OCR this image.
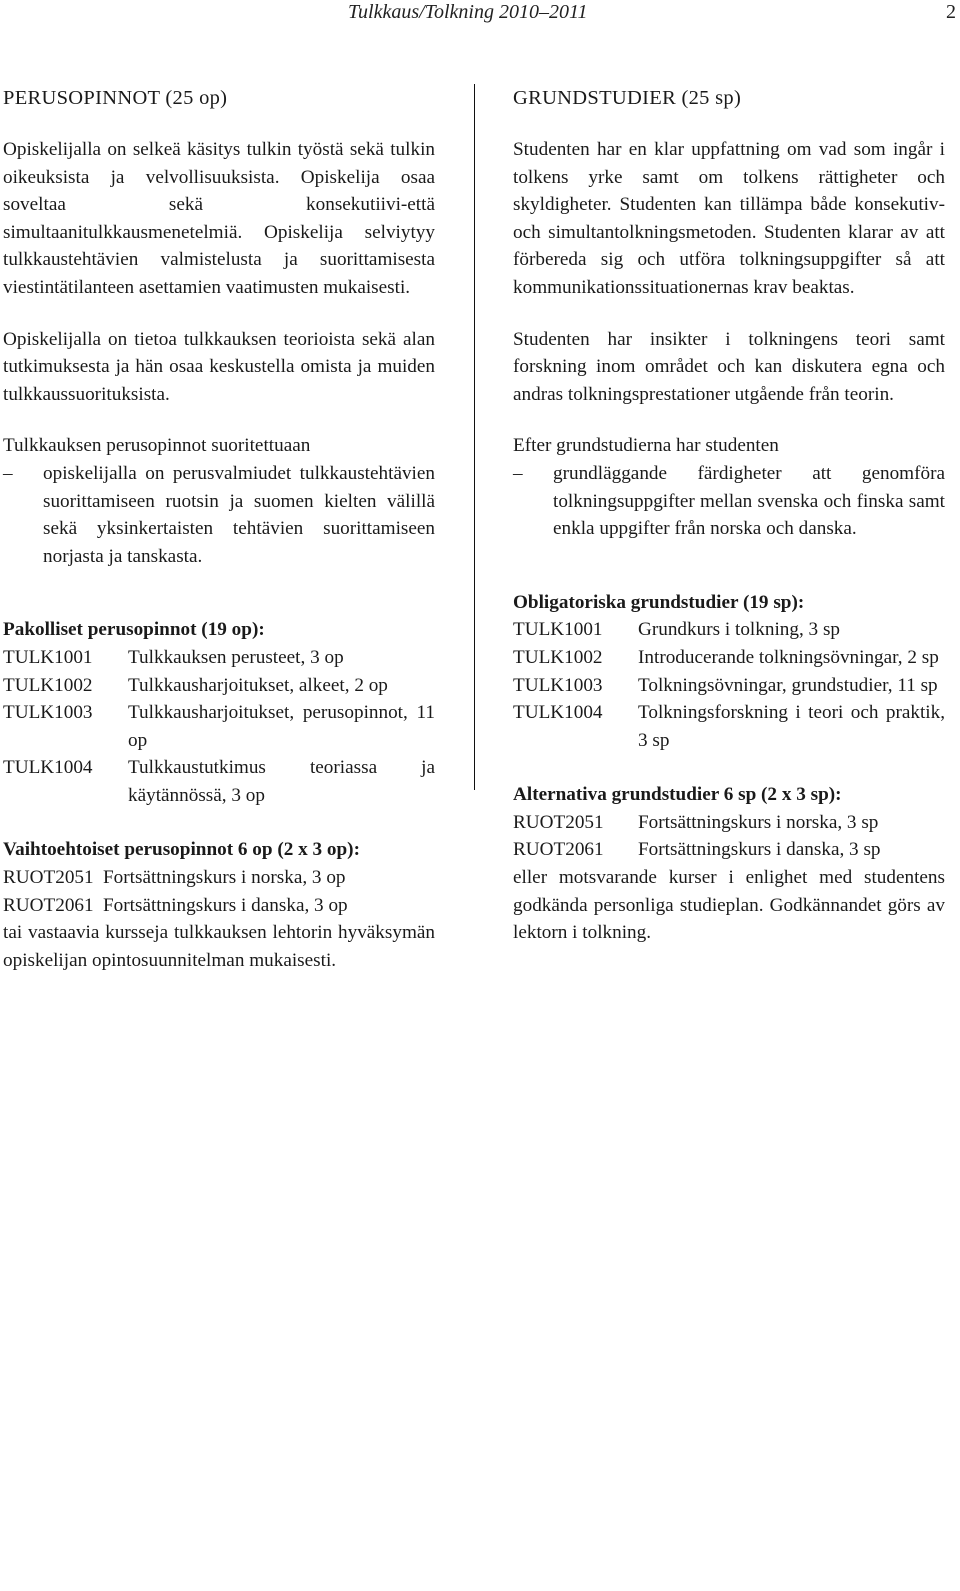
Tulkkaus/Tolkning 2010–2011	2
PERUSOPINNOT (25 op)

Opiskelijalla on selkeä käsitys tulkin työstä sekä tulkin oikeuksista ja velvollisuuksista. Opiskelija osaa soveltaa sekä konsekutiivi-että simultaanitulkkausmenetelmiä. Opiskelija selviytyy tulkkaustehtävien valmistelusta ja suorittamisesta viestintätilanteen asettamien vaatimusten mukaisesti.

Opiskelijalla on tietoa tulkkauksen teorioista sekä alan tutkimuksesta ja hän osaa keskustella omista ja muiden tulkkaussuorituksista.

Tulkkauksen perusopinnot suoritettuaan

–	opiskelijalla on perusvalmiudet tulkkaustehtävien suorittamiseen ruotsin ja suomen kielten välillä sekä yksinkertaisten tehtävien suorittamiseen norjasta ja tanskasta.

Pakolliset perusopinnot (19 op):

TULK1001 Tulkkauksen perusteet, 3 op

TULK1002 Tulkkausharjoitukset, alkeet, 2 op

TULK1003 Tulkkausharjoitukset, perusopinnot, 11 op

TULK1004 Tulkkaustutkimus teoriassa ja käytännössä, 3 op

Vaihtoehtoiset perusopinnot 6 op (2 x 3 op):

RUOT2051 Fortsättningskurs i norska, 3 op

RUOT2061 Fortsättningskurs i danska, 3 op

tai vastaavia kursseja tulkkauksen lehtorin hyväksymän opiskelijan opintosuunnitelman mukaisesti.

GRUNDSTUDIER (25 sp)

Studenten har en klar uppfattning om vad som ingår i tolkens yrke samt om tolkens rättigheter och skyldigheter. Studenten kan tillämpa både konsekutiv- och simultantolkningsmetoden. Studenten klarar av att förbereda sig och utföra tolkningsuppgifter så att kommunikationssituationernas krav beaktas.

Studenten har insikter i tolkningens teori samt forskning inom området och kan diskutera egna och andras tolkningsprestationer utgående från teorin.

Efter grundstudierna har studenten

–	grundläggande färdigheter att genomföra tolkningsuppgifter mellan svenska och finska samt enkla uppgifter från norska och danska.

Obligatoriska grundstudier (19 sp):

TULK1001 Grundkurs i tolkning, 3 sp

TULK1002 Introducerande tolkningsövningar, 2 sp

TULK1003 Tolkningsövningar, grundstudier, 11 sp

TULK1004 Tolkningsforskning i teori och praktik, 3 sp

Alternativa grundstudier 6 sp (2 x 3 sp):

RUOT2051 Fortsättningskurs i norska, 3 sp

RUOT2061 Fortsättningskurs i danska, 3 sp

eller motsvarande kurser i enlighet med studentens godkända personliga studieplan. Godkännandet görs av lektorn i tolkning.
